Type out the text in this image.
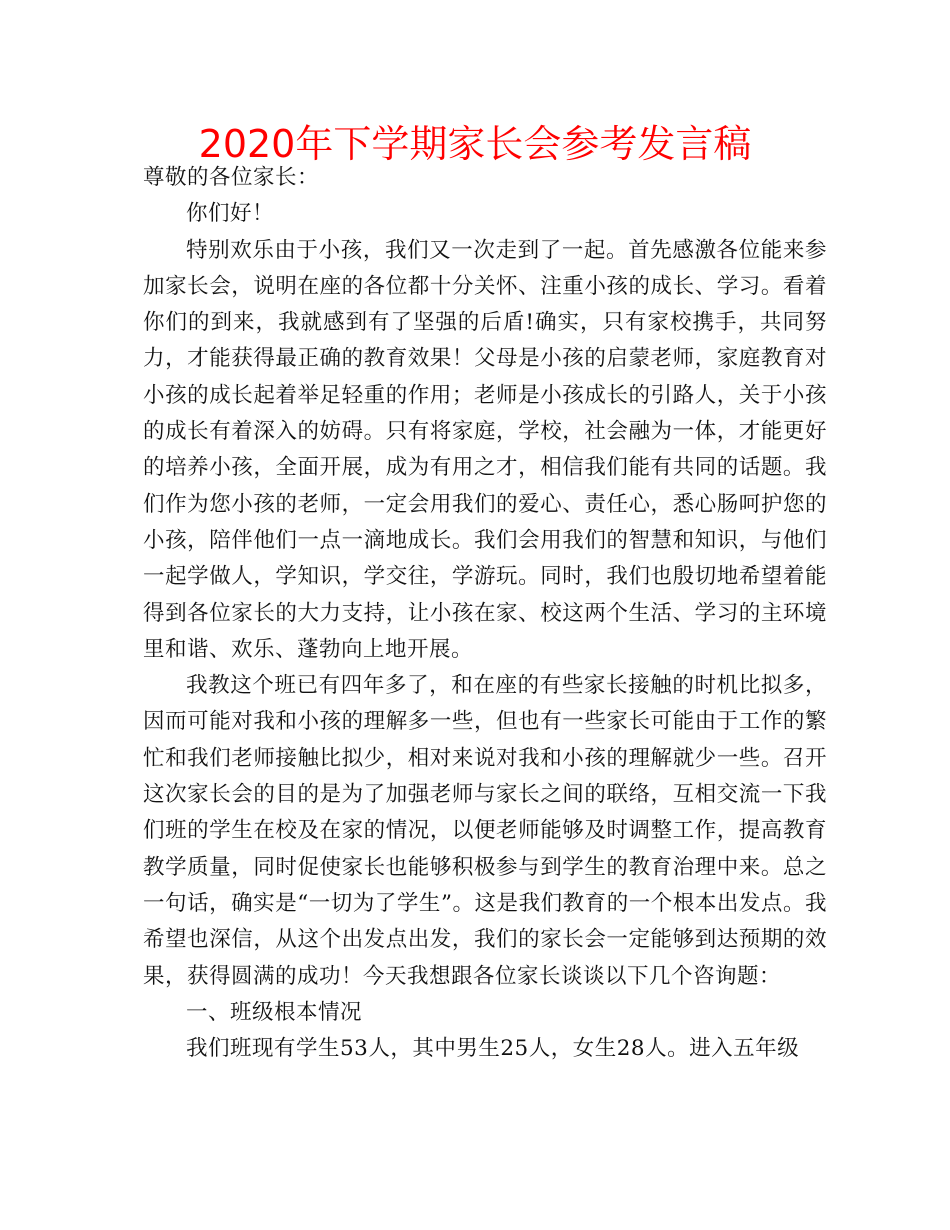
2020年下学期家长会参考发言稿

尊敬的各位家长：

你们好！

特别欢乐由于小孩，我们又一次走到了一起。首先感激各位能来参加家长会，说明在座的各位都十分关怀、注重小孩的成长、学习。看着你们的到来，我就感到有了坚强的后盾!确实，只有家校携手，共同努力，才能获得最正确的教育效果！父母是小孩的启蒙老师，家庭教育对小孩的成长起着举足轻重的作用；老师是小孩成长的引路人，关于小孩的成长有着深入的妨碍。只有将家庭，学校，社会融为一体，才能更好的培养小孩，全面开展，成为有用之才，相信我们能有共同的话题。我们作为您小孩的老师，一定会用我们的爱心、责任心，悉心肠呵护您的小孩，陪伴他们一点一滴地成长。我们会用我们的智慧和知识，与他们一起学做人，学知识，学交往，学游玩。同时，我们也殷切地希望着能得到各位家长的大力支持，让小孩在家、校这两个生活、学习的主环境里和谐、欢乐、蓬勃向上地开展。

我教这个班已有四年多了，和在座的有些家长接触的时机比拟多，因而可能对我和小孩的理解多一些，但也有一些家长可能由于工作的繁忙和我们老师接触比拟少，相对来说对我和小孩的理解就少一些。召开这次家长会的目的是为了加强老师与家长之间的联络，互相交流一下我们班的学生在校及在家的情况，以便老师能够及时调整工作，提高教育教学质量，同时促使家长也能够积极参与到学生的教育治理中来。总之一句话，确实是“一切为了学生”。这是我们教育的一个根本出发点。我希望也深信，从这个出发点出发，我们的家长会一定能够到达预期的效果，获得圆满的成功！今天我想跟各位家长谈谈以下几个咨询题：

一、班级根本情况

我们班现有学生53人，其中男生25人，女生28人。进入五年级
